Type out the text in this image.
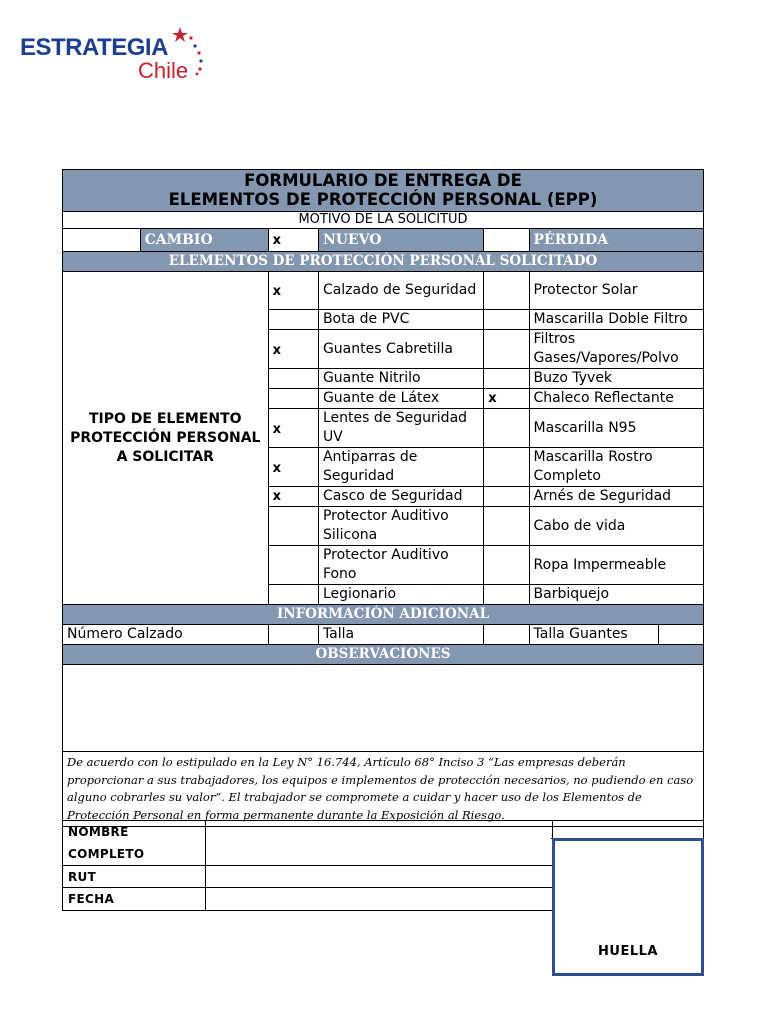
ESTRATEGIA
Chile
FORMULARIO DE ENTREGA DE
ELEMENTOS DE PROTECCIÓN PERSONAL (EPP)						

MOTIVO DE LA SOLICITUD						
	CAMBIO	x	NUEVO		PÉRDIDA	
ELEMENTOS DE PROTECCIÓN PERSONAL SOLICITADO						
TIPO DE ELEMENTO PROTECCIÓN PERSONAL A SOLICITAR		x	Calzado de Seguridad		Protector Solar	
			Bota de PVC		Mascarilla Doble Filtro	
		x	Guantes Cabretilla		Filtros Gases/Vapores/Polvo	
			Guante Nitrilo		Buzo Tyvek	
			Guante de Látex	x	Chaleco Reflectante	
		x	Lentes de Seguridad UV		Mascarilla N95	
		x	Antiparras de Seguridad		Mascarilla Rostro Completo	
		x	Casco de Seguridad		Arnés de Seguridad	
			Protector Auditivo Silicona		Cabo de vida	
			Protector Auditivo Fono		Ropa Impermeable	
			Legionario		Barbiquejo	
INFORMACIÓN ADICIONAL						
Número Calzado			Talla		Talla Guantes	
OBSERVACIONES						

De acuerdo con lo estipulado en la Ley N° 16.744, Artículo 68° Inciso 3 “Las empresas deberán proporcionar a sus trabajadores, los equipos e implementos de protección necesarios, no pudiendo en caso alguno cobrarles su valor”. El trabajador se compromete a cuidar y hacer uso de los Elementos de Protección Personal en forma permanente durante la Exposición al Riesgo.						
NOMBRE
COMPLETO	

RUT	
FECHA	
HUELLA
